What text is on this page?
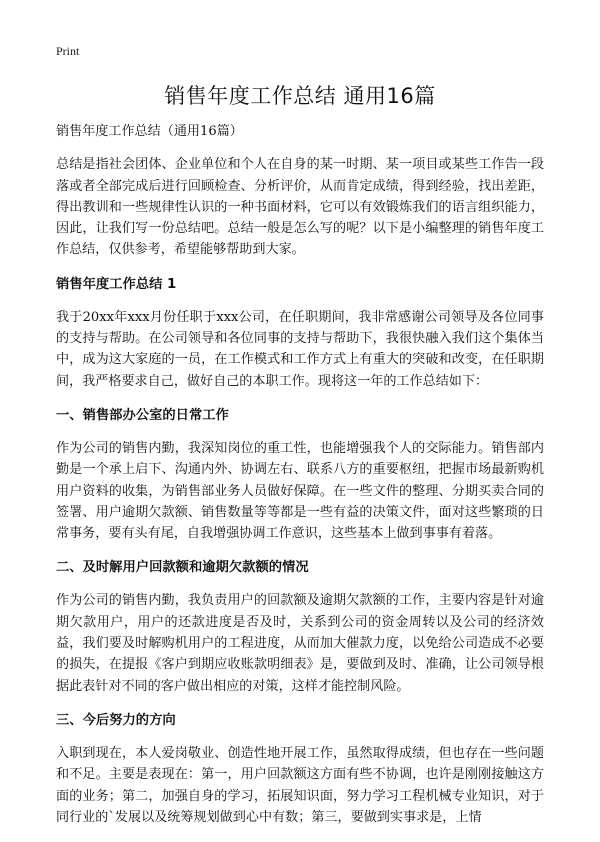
Print
销售年度工作总结 通用16篇

销售年度工作总结（通用16篇）

总结是指社会团体、企业单位和个人在自身的某一时期、某一项目或某些工作告一段落或者全部完成后进行回顾检查、分析评价，从而肯定成绩，得到经验，找出差距，得出教训和一些规律性认识的一种书面材料，它可以有效锻炼我们的语言组织能力，因此，让我们写一份总结吧。总结一般是怎么写的呢？以下是小编整理的销售年度工作总结，仅供参考，希望能够帮助到大家。

销售年度工作总结 1

我于20xx年xxx月份任职于xxx公司，在任职期间，我非常感谢公司领导及各位同事的支持与帮助。在公司领导和各位同事的支持与帮助下，我很快融入我们这个集体当中，成为这大家庭的一员，在工作模式和工作方式上有重大的突破和改变，在任职期间，我严格要求自己，做好自己的本职工作。现将这一年的工作总结如下：

一、销售部办公室的日常工作

作为公司的销售内勤，我深知岗位的重工性，也能增强我个人的交际能力。销售部内勤是一个承上启下、沟通内外、协调左右、联系八方的重要枢纽，把握市场最新购机用户资料的收集，为销售部业务人员做好保障。在一些文件的整理、分期买卖合同的签署、用户逾期欠款额、销售数量等等都是一些有益的决策文件，面对这些繁琐的日常事务，要有头有尾，自我增强协调工作意识，这些基本上做到事事有着落。

二、及时解用户回款额和逾期欠款额的情况

作为公司的销售内勤，我负责用户的回款额及逾期欠款额的工作，主要内容是针对逾期欠款用户，用户的还款进度是否及时，关系到公司的资金周转以及公司的经济效益，我们要及时解购机用户的工程进度，从而加大催款力度，以免给公司造成不必要的损失，在提报《客户到期应收账款明细表》是，要做到及时、准确，让公司领导根据此表针对不同的客户做出相应的对策，这样才能控制风险。

三、今后努力的方向

入职到现在，本人爱岗敬业、创造性地开展工作，虽然取得成绩，但也存在一些问题和不足。主要是表现在：第一，用户回款额这方面有些不协调，也许是刚刚接触这方面的业务；第二，加强自身的学习，拓展知识面，努力学习工程机械专业知识，对于同行业的`发展以及统筹规划做到心中有数；第三，要做到实事求是，上情
